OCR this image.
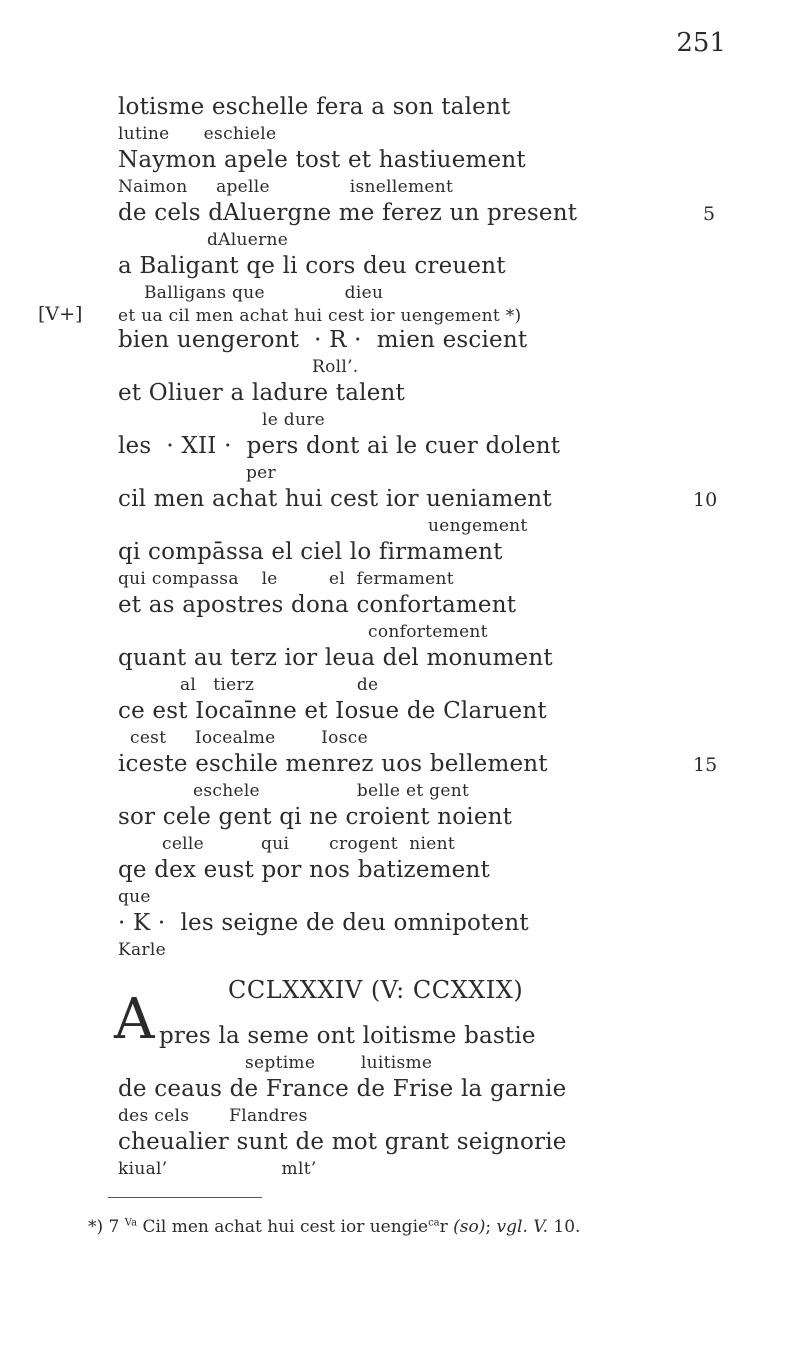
251
lotisme eschelle fera a son talent
lutine      eschiele
Naymon apele tost et hastiuement
Naimon     apelle              isnellement
de cels dAluergne me ferez un present
dAluerne
5
a Baligant qe li cors deu creuent
Balligans que              dieu
[V+] et ua cil men achat hui cest ior uengement *)
bien uengeront  · R ·  mien escient
Roll’.
et Oliuer a ladure talent
le dure
les  · XII ·  pers dont ai le cuer dolent
per
cil men achat hui cest ior ueniament
uengement
10
qi compāssa el ciel lo firmament
qui compassa    le         el  fermament
et as apostres dona confortament
confortement
quant au terz ior leua del monument
al   tierz                  de
ce est Iocaīnne et Iosue de Claruent
cest     Iocealme        Iosce
iceste eschile menrez uos bellement
eschele                 belle et gent
15
sor cele gent qi ne croient noient
celle          qui       crogent  nient
qe dex eust por nos batizement
que
· K ·  les seigne de deu omnipotent
Karle
CCLXXXIV (V: CCXXIX)
A pres la seme ont loitisme bastie
septime        luitisme
de ceaus de France de Frise la garnie
des cels       Flandres
cheualier sunt de mot grant seignorie
kiual’                    mlt’
*) 7 $^{Va}$ Cil men achat hui cest ior uengie$^{ca}$r (so); vgl. V. 10.
